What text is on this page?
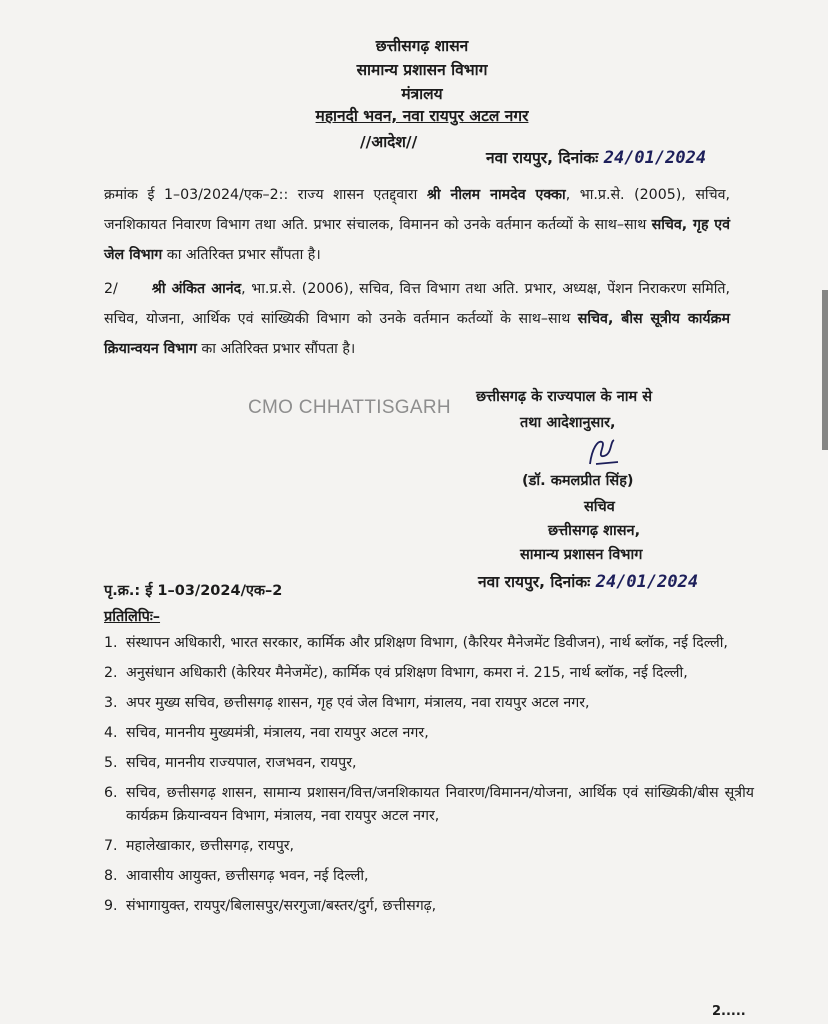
छत्तीसगढ़ शासन
सामान्य प्रशासन विभाग
मंत्रालय
महानदी भवन, नवा रायपुर अटल नगर
//आदेश//
नवा रायपुर, दिनांकः 24/01/2024
क्रमांक ई 1–03/2024/एक–2:: राज्य शासन एतद्द्वारा श्री नीलम नामदेव एक्का, भा.प्र.से. (2005), सचिव, जनशिकायत निवारण विभाग तथा अति. प्रभार संचालक, विमानन को उनके वर्तमान कर्तव्यों के साथ–साथ सचिव, गृह एवं जेल विभाग का अतिरिक्त प्रभार सौंपता है।
2/      श्री अंकित आनंद, भा.प्र.से. (2006), सचिव, वित्त विभाग तथा अति. प्रभार, अध्यक्ष, पेंशन निराकरण समिति, सचिव, योजना, आर्थिक एवं सांख्यिकी विभाग को उनके वर्तमान कर्तव्यों के साथ–साथ सचिव, बीस सूत्रीय कार्यक्रम क्रियान्वयन विभाग का अतिरिक्त प्रभार सौंपता है।
CMO CHHATTISGARH छत्तीसगढ़ के राज्यपाल के नाम से
तथा आदेशानुसार,
(डॉ. कमलप्रीत सिंह)
सचिव
छत्तीसगढ़ शासन,
सामान्य प्रशासन विभाग
पृ.क्र.: ई 1–03/2024/एक–2	नवा रायपुर, दिनांकः 24/01/2024
प्रतिलिपिः–
1. संस्थापन अधिकारी, भारत सरकार, कार्मिक और प्रशिक्षण विभाग, (कैरियर मैनेजमेंट डिवीजन), नार्थ ब्लॉक, नई दिल्ली,
2. अनुसंधान अधिकारी (केरियर मैनेजमेंट), कार्मिक एवं प्रशिक्षण विभाग, कमरा नं. 215, नार्थ ब्लॉक, नई दिल्ली,
3. अपर मुख्य सचिव, छत्तीसगढ़ शासन, गृह एवं जेल विभाग, मंत्रालय, नवा रायपुर अटल नगर,
4. सचिव, माननीय मुख्यमंत्री, मंत्रालय, नवा रायपुर अटल नगर,
5. सचिव, माननीय राज्यपाल, राजभवन, रायपुर,
6. सचिव, छत्तीसगढ़ शासन, सामान्य प्रशासन/वित्त/जनशिकायत निवारण/विमानन/योजना, आर्थिक एवं सांख्यिकी/बीस सूत्रीय कार्यक्रम क्रियान्वयन विभाग, मंत्रालय, नवा रायपुर अटल नगर,
7. महालेखाकार, छत्तीसगढ़, रायपुर,
8. आवासीय आयुक्त, छत्तीसगढ़ भवन, नई दिल्ली,
9. संभागायुक्त, रायपुर/बिलासपुर/सरगुजा/बस्तर/दुर्ग, छत्तीसगढ़,
2.....
